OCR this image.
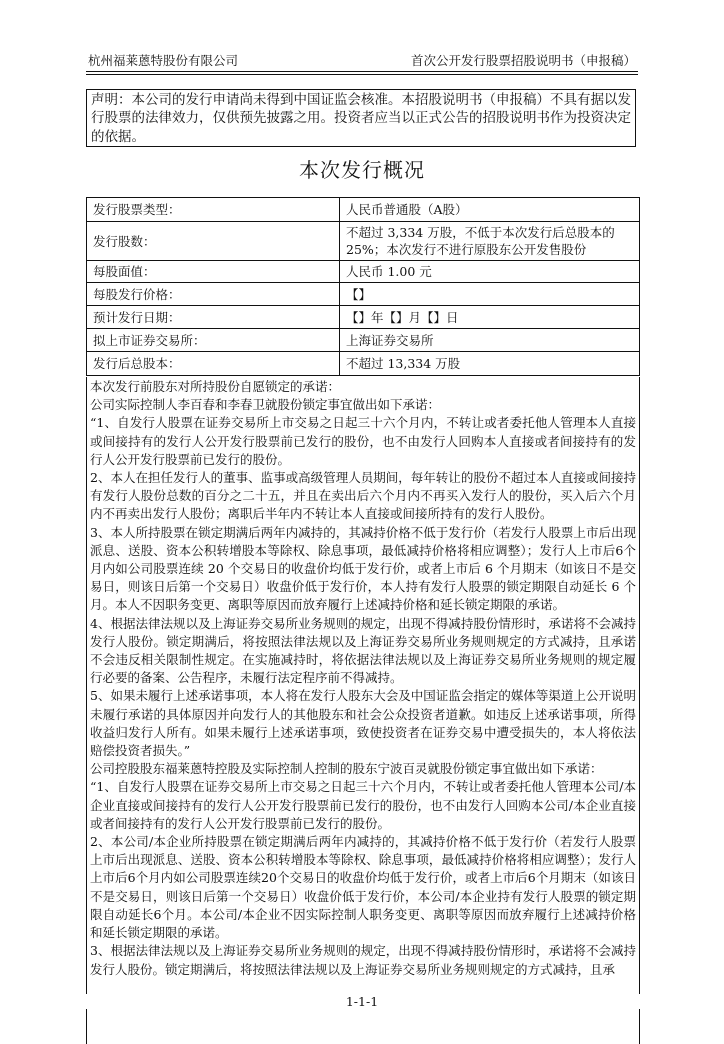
杭州福莱蒽特股份有限公司	首次公开发行股票招股说明书（申报稿）
声明：本公司的发行申请尚未得到中国证监会核准。本招股说明书（申报稿）不具有据以发行股票的法律效力，仅供预先披露之用。投资者应当以正式公告的招股说明书作为投资决定的依据。
本次发行概况
发行股票类型：	人民币普通股（A股）
发行股数：	不超过 3,334 万股，不低于本次发行后总股本的25%；本次发行不进行原股东公开发售股份
每股面值：	人民币 1.00 元
每股发行价格：	【】
预计发行日期：	【】年【】月【】日
拟上市证券交易所：	上海证券交易所
发行后总股本：	不超过 13,334 万股

本次发行前股东对所持股份自愿锁定的承诺：

公司实际控制人李百春和李春卫就股份锁定事宜做出如下承诺：

“1、自发行人股票在证券交易所上市交易之日起三十六个月内，不转让或者委托他人管理本人直接或间接持有的发行人公开发行股票前已发行的股份，也不由发行人回购本人直接或者间接持有的发行人公开发行股票前已发行的股份。

2、本人在担任发行人的董事、监事或高级管理人员期间，每年转让的股份不超过本人直接或间接持有发行人股份总数的百分之二十五，并且在卖出后六个月内不再买入发行人的股份，买入后六个月内不再卖出发行人股份；离职后半年内不转让本人直接或间接所持有的发行人股份。

3、本人所持股票在锁定期满后两年内减持的，其减持价格不低于发行价（若发行人股票上市后出现派息、送股、资本公积转增股本等除权、除息事项，最低减持价格将相应调整）；发行人上市后6个月内如公司股票连续 20 个交易日的收盘价均低于发行价，或者上市后 6 个月期末（如该日不是交易日，则该日后第一个交易日）收盘价低于发行价，本人持有发行人股票的锁定期限自动延长 6 个月。本人不因职务变更、离职等原因而放弃履行上述减持价格和延长锁定期限的承诺。

4、根据法律法规以及上海证券交易所业务规则的规定，出现不得减持股份情形时，承诺将不会减持发行人股份。锁定期满后，将按照法律法规以及上海证券交易所业务规则规定的方式减持，且承诺不会违反相关限制性规定。在实施减持时，将依据法律法规以及上海证券交易所业务规则的规定履行必要的备案、公告程序，未履行法定程序前不得减持。

5、如果未履行上述承诺事项，本人将在发行人股东大会及中国证监会指定的媒体等渠道上公开说明未履行承诺的具体原因并向发行人的其他股东和社会公众投资者道歉。如违反上述承诺事项，所得收益归发行人所有。如果未履行上述承诺事项，致使投资者在证券交易中遭受损失的，本人将依法赔偿投资者损失。”

公司控股股东福莱蒽特控股及实际控制人控制的股东宁波百灵就股份锁定事宜做出如下承诺：

“1、自发行人股票在证券交易所上市交易之日起三十六个月内，不转让或者委托他人管理本公司/本企业直接或间接持有的发行人公开发行股票前已发行的股份，也不由发行人回购本公司/本企业直接或者间接持有的发行人公开发行股票前已发行的股份。

2、本公司/本企业所持股票在锁定期满后两年内减持的，其减持价格不低于发行价（若发行人股票上市后出现派息、送股、资本公积转增股本等除权、除息事项，最低减持价格将相应调整）；发行人上市后6个月内如公司股票连续20个交易日的收盘价均低于发行价，或者上市后6个月期末（如该日不是交易日，则该日后第一个交易日）收盘价低于发行价，本公司/本企业持有发行人股票的锁定期限自动延长6个月。本公司/本企业不因实际控制人职务变更、离职等原因而放弃履行上述减持价格和延长锁定期限的承诺。

3、根据法律法规以及上海证券交易所业务规则的规定，出现不得减持股份情形时，承诺将不会减持发行人股份。锁定期满后，将按照法律法规以及上海证券交易所业务规则规定的方式减持，且承

1-1-1
